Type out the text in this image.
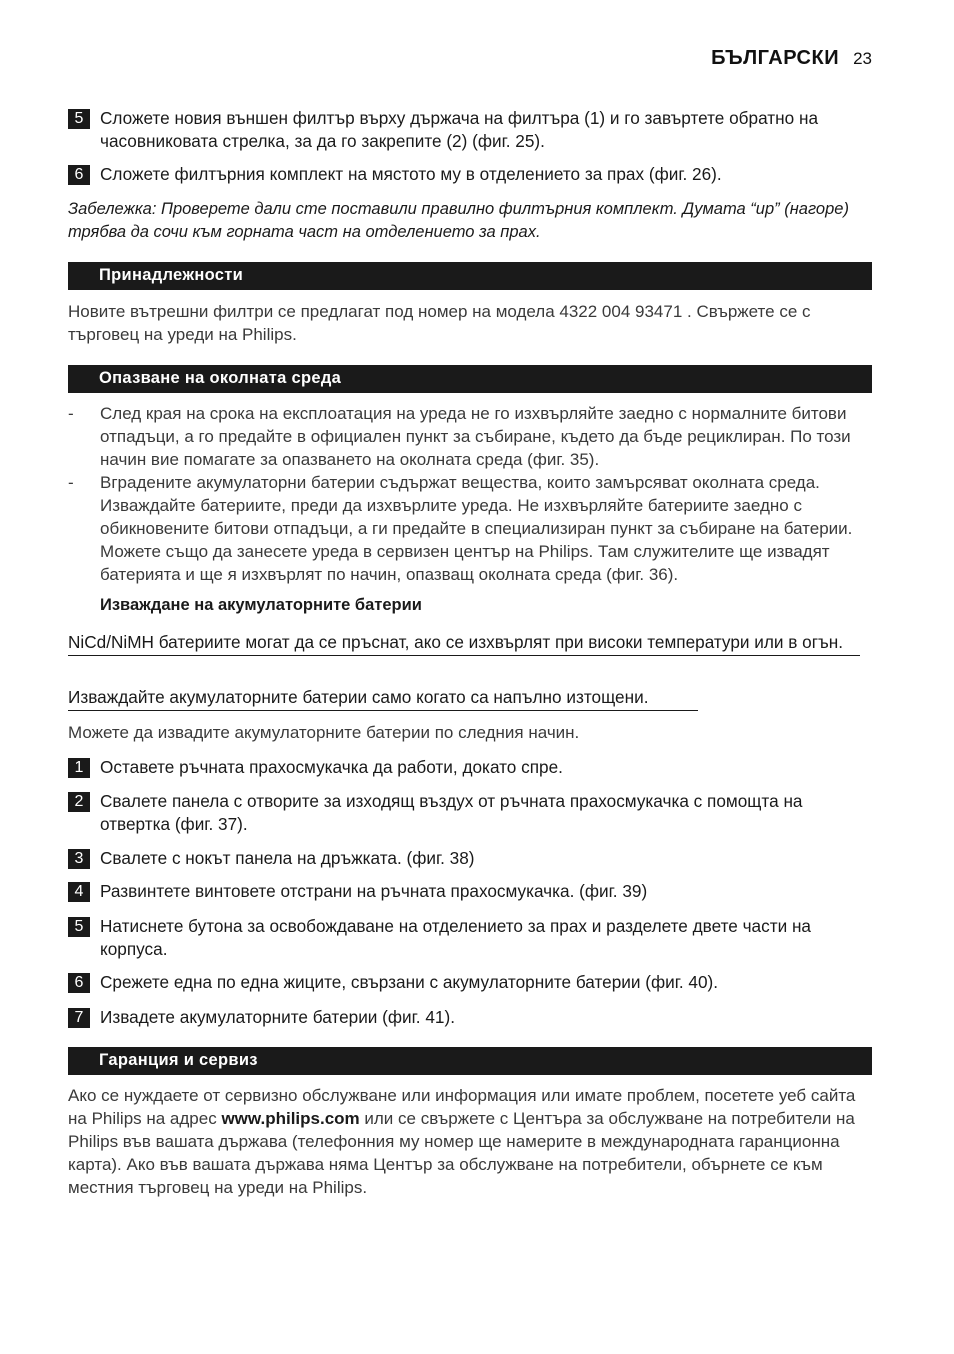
БЪЛГАРСКИ 23
5 Сложете новия външен филтър върху държача на филтъра (1) и го завъртете обратно на часовниковата стрелка, за да го закрепите (2) (фиг. 25).
6 Сложете филтърния комплект на мястото му в отделението за прах (фиг. 26).
Забележка: Проверете дали сте поставили правилно филтърния комплект. Думата “up” (нагоре) трябва да сочи към горната част на отделението за прах.
Принадлежности
Новите вътрешни филтри се предлагат под номер на модела 4322 004 93471 . Свържете се с търговец на уреди на Philips.
Опазване на околната среда
- След края на срока на експлоатация на уреда не го изхвърляйте заедно с нормалните битови отпадъци, а го предайте в официален пункт за събиране, където да бъде рециклиран. По този начин вие помагате за опазването на околната среда (фиг. 35).
- Вградените акумулаторни батерии съдържат вещества, които замърсяват околната среда. Изваждайте батериите, преди да изхвърлите уреда. Не изхвърляйте батериите заедно с обикновените битови отпадъци, а ги предайте в специализиран пункт за събиране на батерии. Можете също да занесете уреда в сервизен център на Philips. Там служителите ще извадят батерията и ще я изхвърлят по начин, опазващ околната среда (фиг. 36).
Изваждане на акумулаторните батерии
NiCd/NiMH батериите могат да се пръснат, ако се изхвърлят при високи температури или в огън.
Изваждайте акумулаторните батерии само когато са напълно изтощени.
Можете да извадите акумулаторните батерии по следния начин.
1 Оставете ръчната прахосмукачка да работи, докато спре.
2 Свалете панела с отворите за изходящ въздух от ръчната прахосмукачка с помощта на отвертка (фиг. 37).
3 Свалете с нокът панела на дръжката. (фиг. 38)
4 Развинтете винтовете отстрани на ръчната прахосмукачка. (фиг. 39)
5 Натиснете бутона за освобождаване на отделението за прах и разделете двете части на корпуса.
6 Срежете една по една жиците, свързани с акумулаторните батерии (фиг. 40).
7 Извадете акумулаторните батерии (фиг. 41).
Гаранция и сервиз
Ако се нуждаете от сервизно обслужване или информация или имате проблем, посетете уеб сайта на Philips на адрес www.philips.com или се свържете с Центъра за обслужване на потребители на Philips във вашата държава (телефонния му номер ще намерите в международната гаранционна карта). Ако във вашата държава няма Център за обслужване на потребители, обърнете се към местния търговец на уреди на Philips.
